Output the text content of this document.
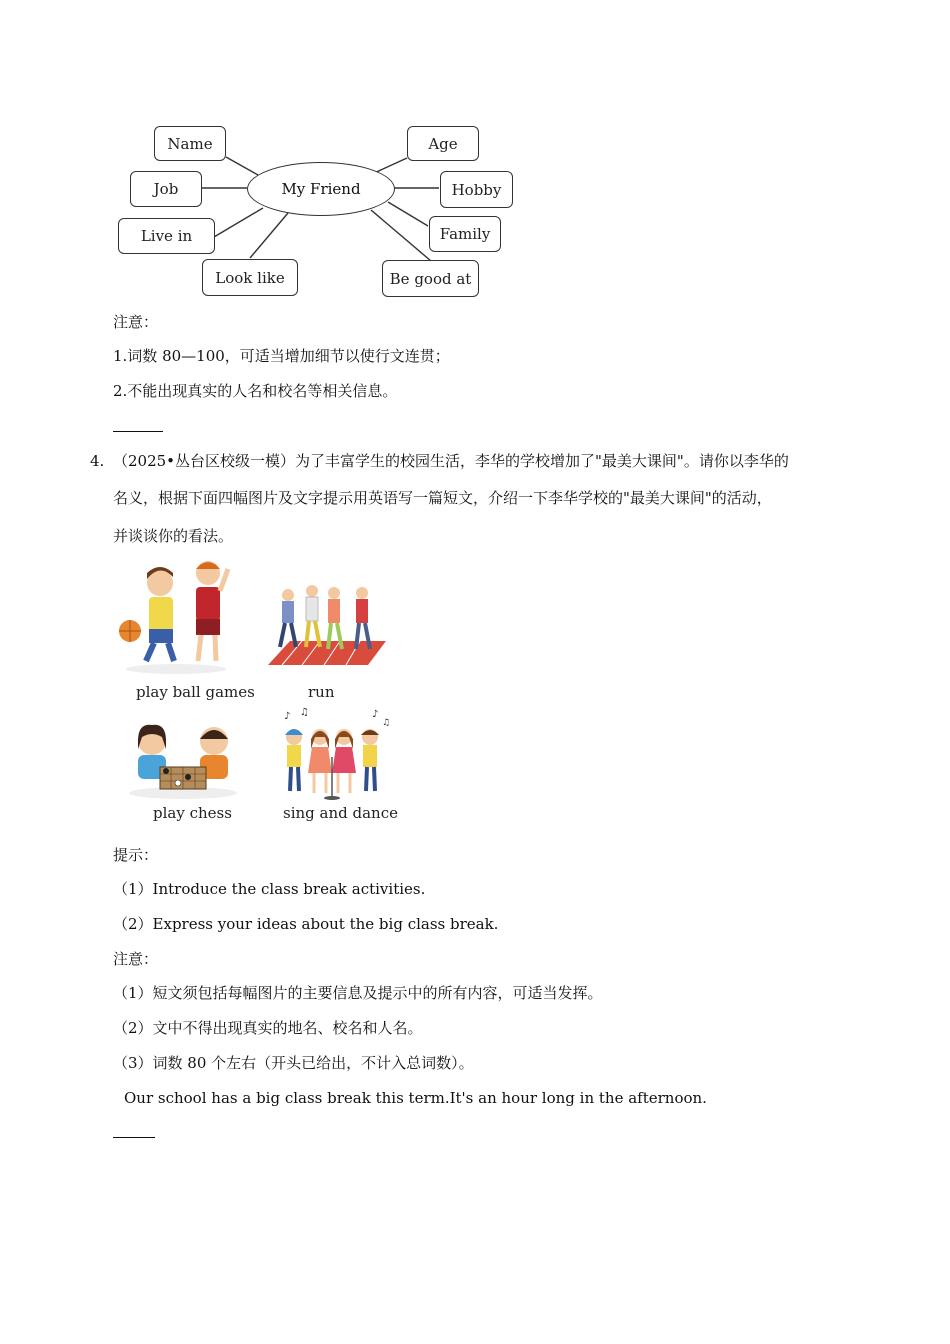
My Friend
Name	Age
Job	Hobby
Live in	Family
Look like	Be good at
注意：
1.词数 80—100，可适当增加细节以使行文连贯；
2.不能出现真实的人名和校名等相关信息。
4. （2025•丛台区校级一模）为了丰富学生的校园生活，李华的学校增加了"最美大课间"。请你以李华的
名义，根据下面四幅图片及文字提示用英语写一篇短文，介绍一下李华学校的"最美大课间"的活动，
并谈谈你的看法。
play ball games	run
play chess
♪ ♫	♪
♫
sing and dance
提示：
（1）Introduce the class break activities.
（2）Express your ideas about the big class break.
注意：
（1）短文须包括每幅图片的主要信息及提示中的所有内容，可适当发挥。
（2）文中不得出现真实的地名、校名和人名。
（3）词数 80 个左右（开头已给出，不计入总词数）。
Our school has a big class break this term.It's an hour long in the afternoon.
